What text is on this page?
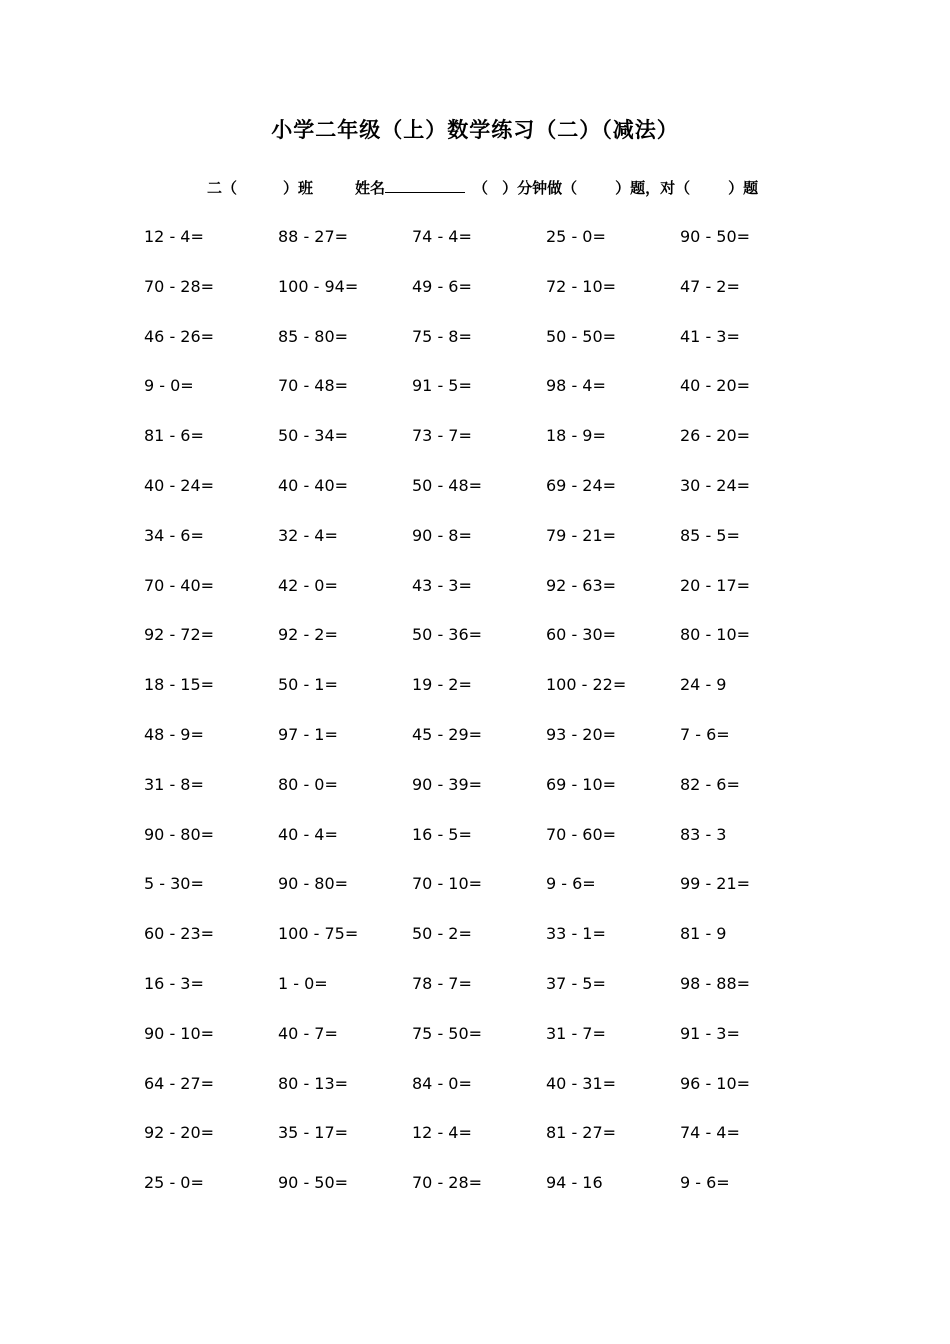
小学二年级（上）数学练习（二）（减法）
二（	）班	姓名	（ ）分钟做（	）题，对（	）题
12 - 4=	88 - 27=	74 - 4=	25 - 0=	90 - 50=
70 - 28=	100 - 94=	49 - 6=	72 - 10=	47 - 2=
46 - 26=	85 - 80=	75 - 8=	50 - 50=	41 - 3=
9 - 0=	70 - 48=	91 - 5=	98 - 4=	40 - 20=
81 - 6=	50 - 34=	73 - 7=	18 - 9=	26 - 20=
40 - 24=	40 - 40=	50 - 48=	69 - 24=	30 - 24=
34 - 6=	32 - 4=	90 - 8=	79 - 21=	85 - 5=
70 - 40=	42 - 0=	43 - 3=	92 - 63=	20 - 17=
92 - 72=	92 - 2=	50 - 36=	60 - 30=	80 - 10=
18 - 15=	50 - 1=	19 - 2=	100 - 22=	24 - 9
48 - 9=	97 - 1=	45 - 29=	93 - 20=	7 - 6=
31 - 8=	80 - 0=	90 - 39=	69 - 10=	82 - 6=
90 - 80=	40 - 4=	16 - 5=	70 - 60=	83 - 3
5 - 30=	90 - 80=	70 - 10=	9 - 6=	99 - 21=
60 - 23=	100 - 75=	50 - 2=	33 - 1=	81 - 9
16 - 3=	1 - 0=	78 - 7=	37 - 5=	98 - 88=
90 - 10=	40 - 7=	75 - 50=	31 - 7=	91 - 3=
64 - 27=	80 - 13=	84 - 0=	40 - 31=	96 - 10=
92 - 20=	35 - 17=	12 - 4=	81 - 27=	74 - 4=
25 - 0=	90 - 50=	70 - 28=	94 - 16	9 - 6=
